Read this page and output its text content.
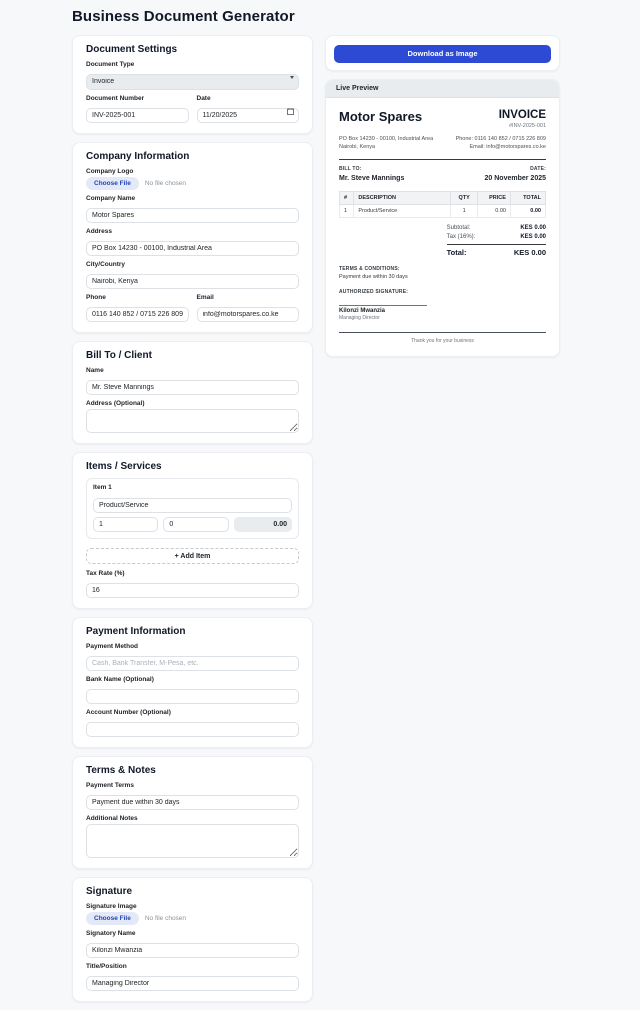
Business Document Generator
Document Settings
Document Type
Invoice
Document Number
INV-2025-001	Date
11/20/2025
Company Information
Company Logo
Choose File	No file chosen
Company Name
Motor Spares
Address
PO Box 14230 - 00100, Industrial Area
City/Country
Nairobi, Kenya
Phone
0116 140 852 / 0715 226 809	Email
info@motorspares.co.ke
Bill To / Client
Name
Mr. Steve Mannings
Address (Optional)
Items / Services
Item 1
Product/Service
1
0
0.00
+ Add Item
Tax Rate (%)
16
Payment Information
Payment Method
Cash, Bank Transfer, M-Pesa, etc.
Bank Name (Optional)
Account Number (Optional)
Terms & Notes
Payment Terms
Payment due within 30 days
Additional Notes
Signature
Signature Image
Choose File	No file chosen
Signatory Name
Kilonzi Mwanzia
Title/Position
Managing Director
Download as Image
Live Preview
Motor Spares	INVOICE
#INV-2025-001
PO Box 14230 - 00100, Industrial Area
Nairobi, Kenya
Phone: 0116 140 852 / 0715 226 809
Email: info@motorspares.co.ke
BILL TO:
Mr. Steve Mannings
DATE:
20 November 2025
#	DESCRIPTION	QTY	PRICE	TOTAL
1	Product/Service	1	0.00	0.00
Subtotal:	KES 0.00
Tax (16%):	KES 0.00
Total:	KES 0.00
TERMS & CONDITIONS:
Payment due within 30 days
AUTHORIZED SIGNATURE:
Kilonzi Mwanzia
Managing Director
Thank you for your business
